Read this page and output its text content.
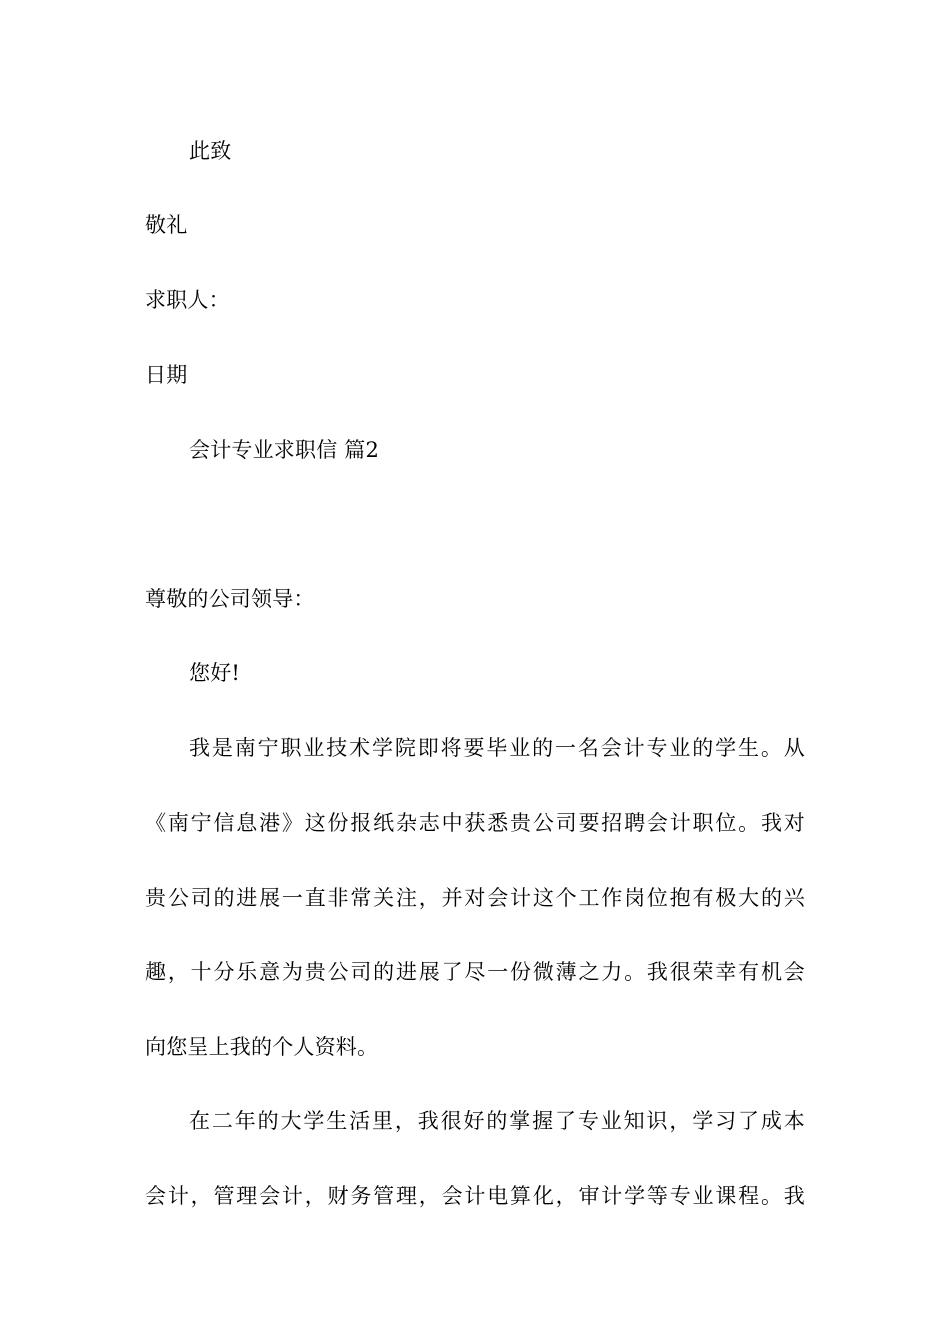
此致
敬礼
求职人：
日期
会计专业求职信 篇2
尊敬的公司领导：
您好!
我是南宁职业技术学院即将要毕业的一名会计专业的学生。从
《南宁信息港》这份报纸杂志中获悉贵公司要招聘会计职位。我对
贵公司的进展一直非常关注，并对会计这个工作岗位抱有极大的兴
趣，十分乐意为贵公司的进展了尽一份微薄之力。我很荣幸有机会
向您呈上我的个人资料。
在二年的大学生活里，我很好的掌握了专业知识，学习了成本
会计，管理会计，财务管理，会计电算化，审计学等专业课程。我
